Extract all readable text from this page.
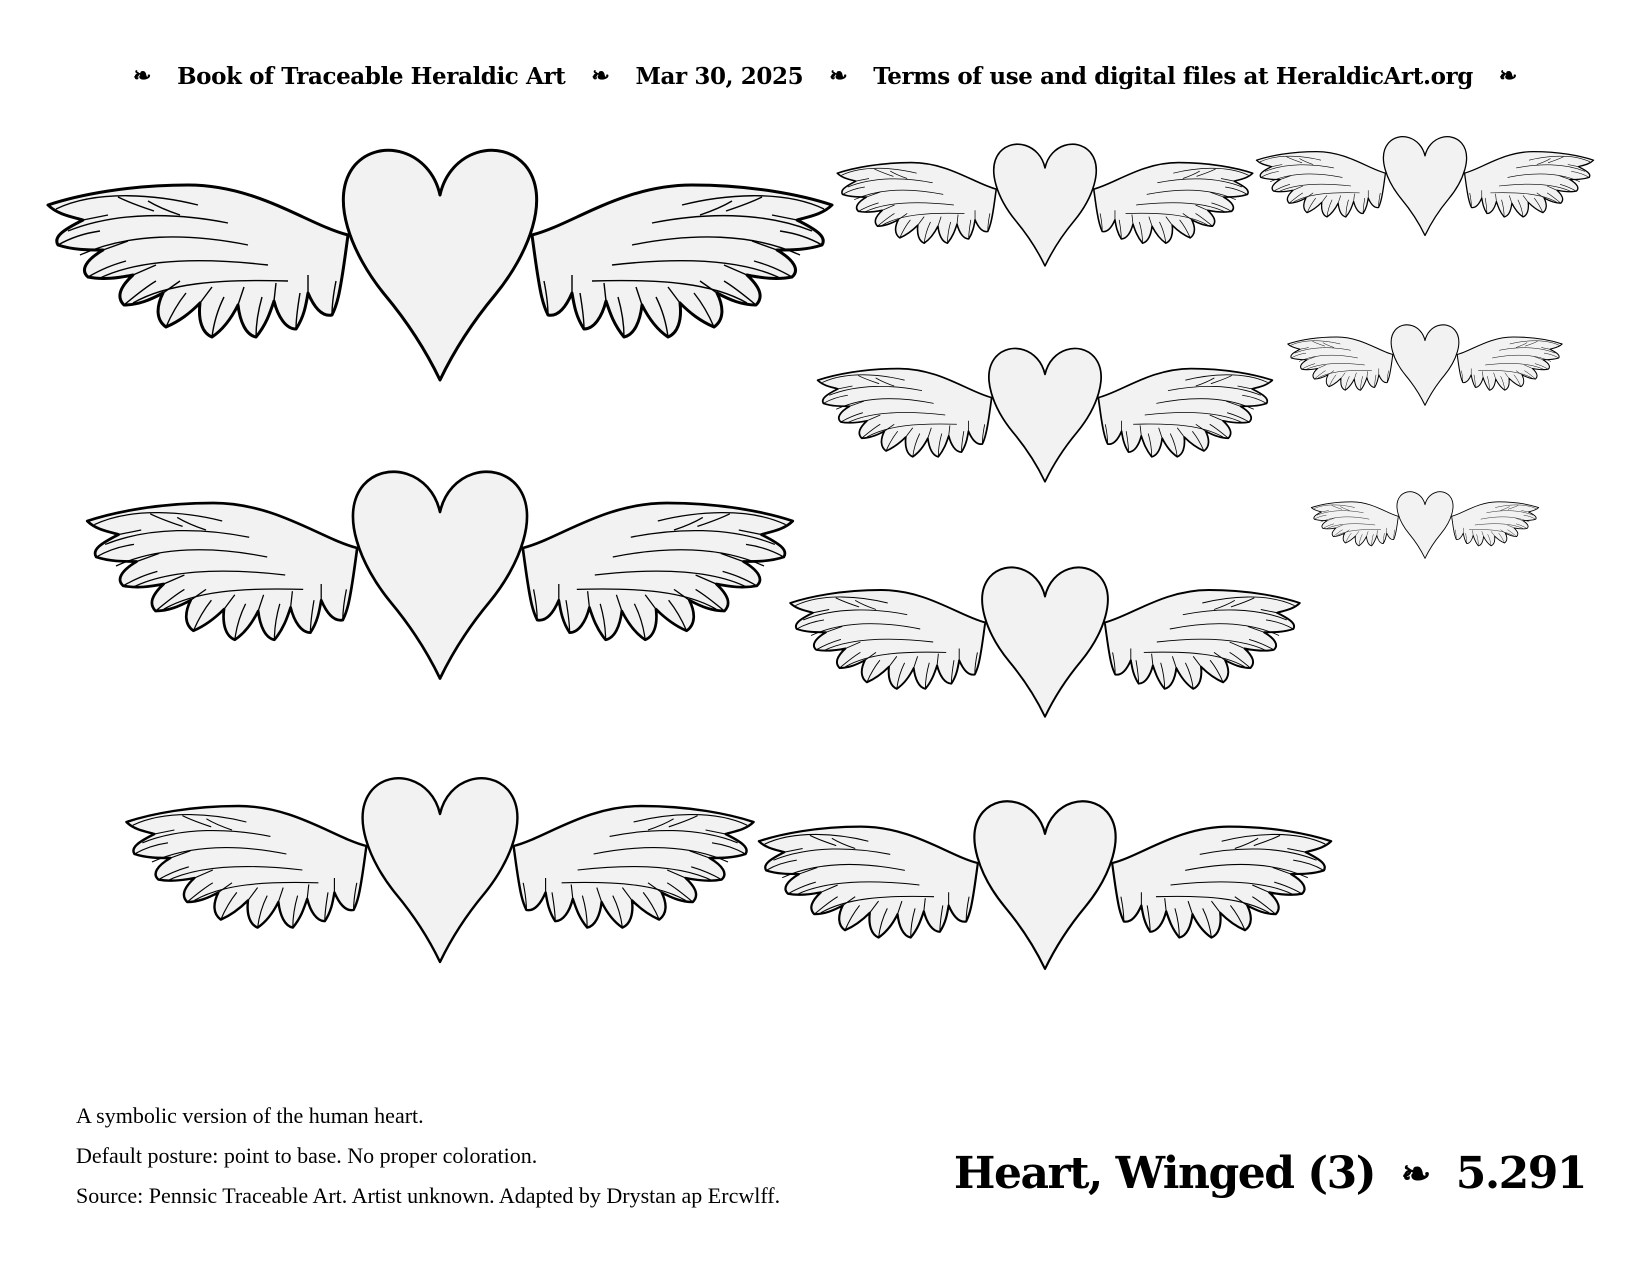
❧ Book of Traceable Heraldic Art ❧ Mar 30, 2025 ❧ Terms of use and digital files at HeraldicArt.org ❧
A symbolic version of the human heart.
Default posture: point to base. No proper coloration.
Source: Pennsic Traceable Art. Artist unknown. Adapted by Drystan ap Ercwlff.	Heart, Winged (3) ❧ 5.291
